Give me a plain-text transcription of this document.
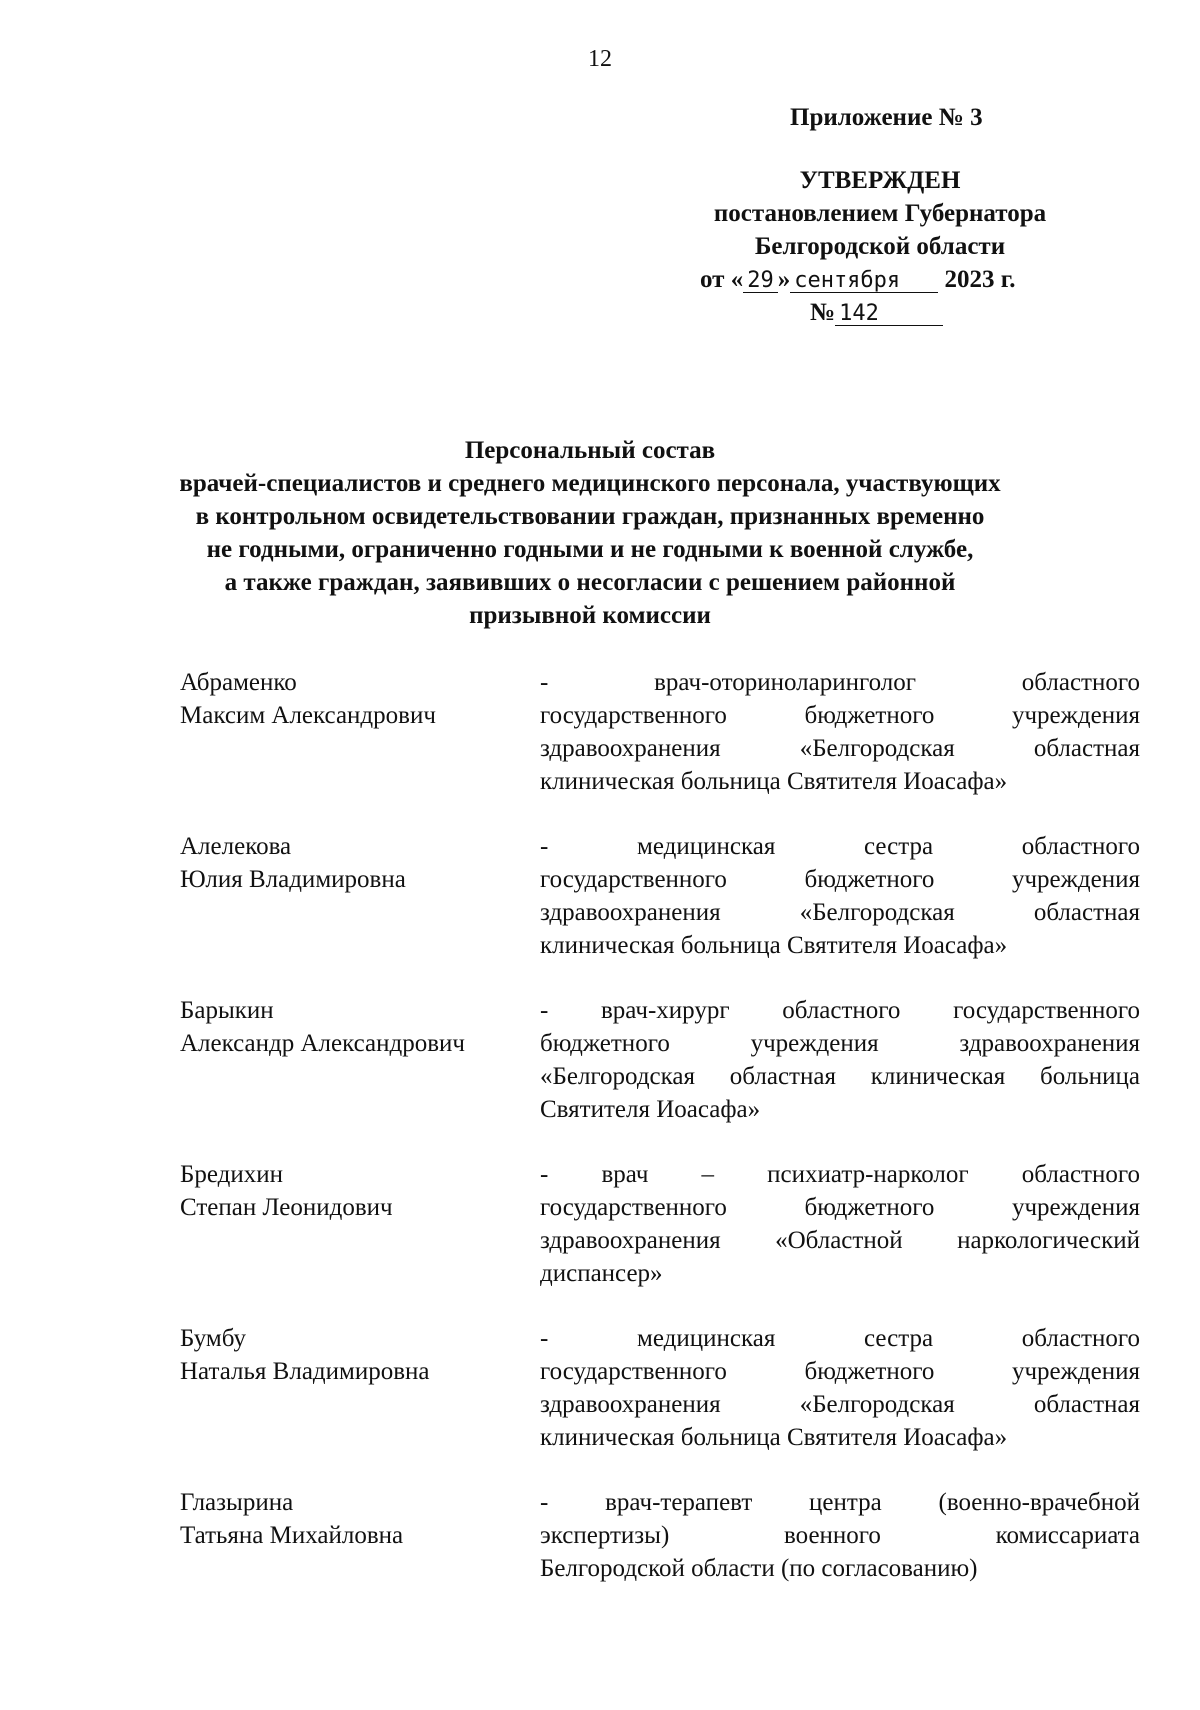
12
Приложение № 3
УТВЕРЖДЕН
постановлением Губернатора
Белгородской области
от « 29 » сентября 2023 г.
№ 142
Персональный состав
врачей-специалистов и среднего медицинского персонала, участвующих
в контрольном освидетельствовании граждан, признанных временно
не годными, ограниченно годными и не годными к военной службе,
а также граждан, заявивших о несогласии с решением районной
призывной комиссии
Абраменко
Максим Александрович
- врач-оториноларинголог областного
государственного бюджетного учреждения
здравоохранения «Белгородская областная
клиническая больница Святителя Иоасафа»
Алелекова
Юлия Владимировна
- медицинская сестра областного
государственного бюджетного учреждения
здравоохранения «Белгородская областная
клиническая больница Святителя Иоасафа»
Барыкин
Александр Александрович
- врач-хирург областного государственного
бюджетного учреждения здравоохранения
«Белгородская областная клиническая больница
Святителя Иоасафа»
Бредихин
Степан Леонидович
- врач – психиатр-нарколог областного
государственного бюджетного учреждения
здравоохранения «Областной наркологический
диспансер»
Бумбу
Наталья Владимировна
- медицинская сестра областного
государственного бюджетного учреждения
здравоохранения «Белгородская областная
клиническая больница Святителя Иоасафа»
Глазырина
Татьяна Михайловна
- врач-терапевт центра (военно-врачебной
экспертизы) военного комиссариата
Белгородской области (по согласованию)
